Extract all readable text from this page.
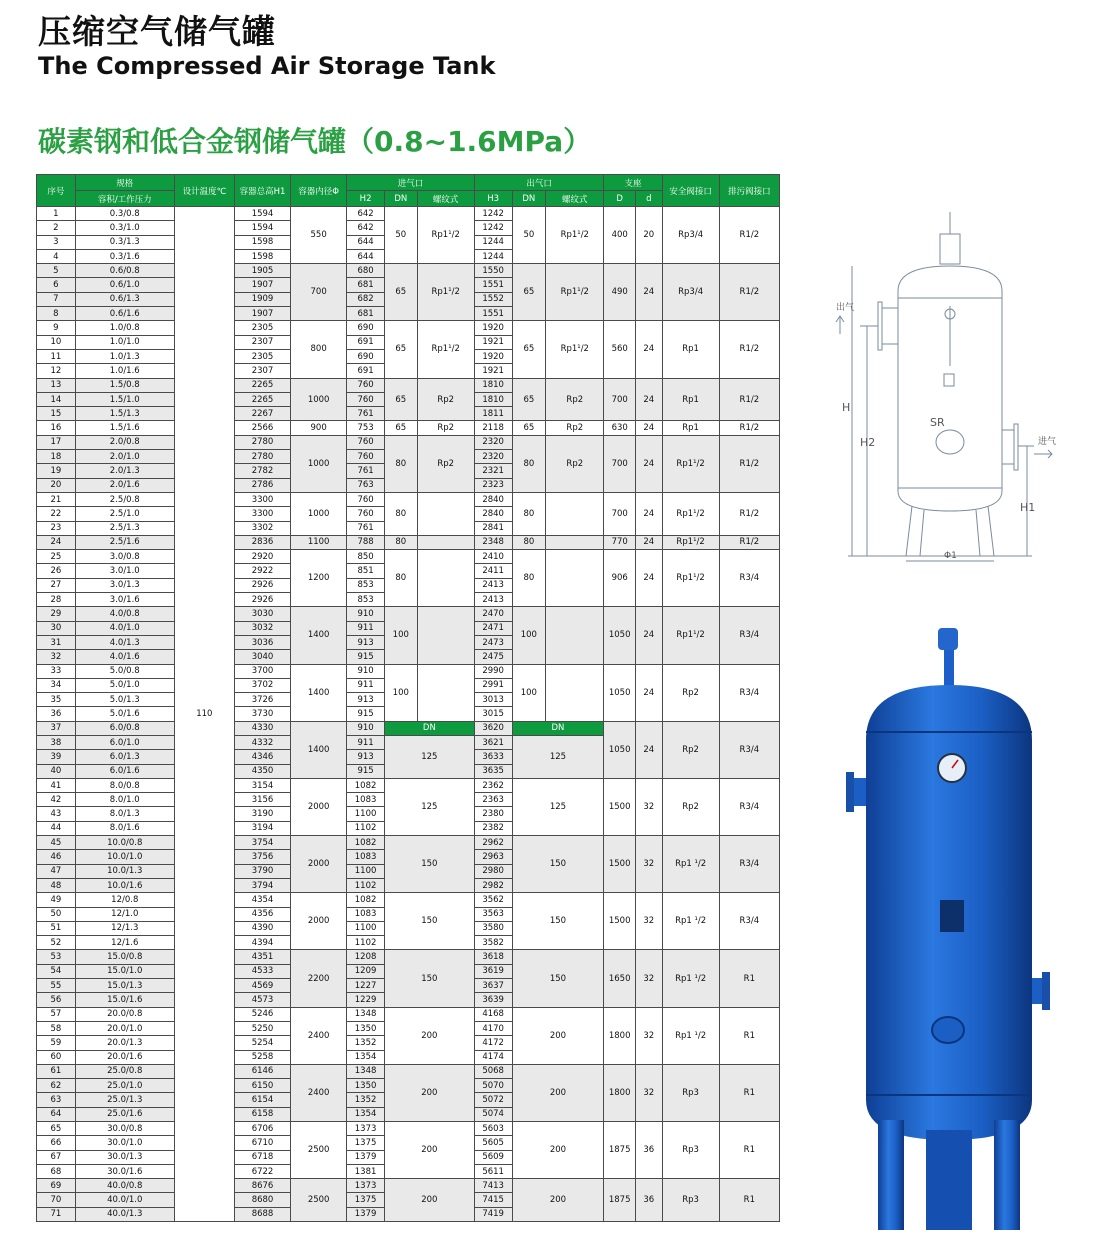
压缩空气储气罐
The Compressed Air Storage Tank
碳素钢和低合金钢储气罐（0.8~1.6MPa）
序号	规格	设计温度℃	容器总高H1	容器内径Φ	进气口			出气口			支座		安全阀接口	排污阀接口
	容积/工作压力				H2	DN	螺纹式	H3	DN	螺纹式	D	d		
1	0.3/0.8	110	1594	550	642	50	Rp1¹/2	1242	50	Rp1¹/2	400	20	Rp3/4	R1/2
2	0.3/1.0		1594		642			1242						
3	0.3/1.3		1598		644			1244						
4	0.3/1.6		1598		644			1244						
5	0.6/0.8		1905	700	680	65	Rp1¹/2	1550	65	Rp1¹/2	490	24	Rp3/4	R1/2
6	0.6/1.0		1907		681			1551						
7	0.6/1.3		1909		682			1552						
8	0.6/1.6		1907		681			1551						
9	1.0/0.8		2305	800	690	65	Rp1¹/2	1920	65	Rp1¹/2	560	24	Rp1	R1/2
10	1.0/1.0		2307		691			1921						
11	1.0/1.3		2305		690			1920						
12	1.0/1.6		2307		691			1921						
13	1.5/0.8		2265	1000	760	65	Rp2	1810	65	Rp2	700	24	Rp1	R1/2
14	1.5/1.0		2265		760			1810						
15	1.5/1.3		2267		761			1811						
16	1.5/1.6		2566	900	753	65	Rp2	2118	65	Rp2	630	24	Rp1	R1/2
17	2.0/0.8		2780	1000	760	80	Rp2	2320	80	Rp2	700	24	Rp1¹/2	R1/2
18	2.0/1.0		2780		760			2320						
19	2.0/1.3		2782		761			2321						
20	2.0/1.6		2786		763			2323						
21	2.5/0.8		3300	1000	760	80		2840	80		700	24	Rp1¹/2	R1/2
22	2.5/1.0		3300		760			2840						
23	2.5/1.3		3302		761			2841						
24	2.5/1.6		2836	1100	788	80		2348	80		770	24	Rp1¹/2	R1/2
25	3.0/0.8		2920	1200	850	80		2410	80		906	24	Rp1¹/2	R3/4
26	3.0/1.0		2922		851			2411						
27	3.0/1.3		2926		853			2413						
28	3.0/1.6		2926		853			2413						
29	4.0/0.8		3030	1400	910	100		2470	100		1050	24	Rp1¹/2	R3/4
30	4.0/1.0		3032		911			2471						
31	4.0/1.3		3036		913			2473						
32	4.0/1.6		3040		915			2475						
33	5.0/0.8		3700	1400	910	100		2990	100		1050	24	Rp2	R3/4
34	5.0/1.0		3702		911			2991						
35	5.0/1.3		3726		913			3013						
36	5.0/1.6		3730		915			3015						
37	6.0/0.8		4330	1400	910	DN		3620	DN		1050	24	Rp2	R3/4
38	6.0/1.0		4332		911	125		3621	125					
39	6.0/1.3		4346		913			3633						
40	6.0/1.6		4350		915			3635						
41	8.0/0.8		3154	2000	1082	125		2362	125		1500	32	Rp2	R3/4
42	8.0/1.0		3156		1083			2363						
43	8.0/1.3		3190		1100			2380						
44	8.0/1.6		3194		1102			2382						
45	10.0/0.8		3754	2000	1082	150		2962	150		1500	32	Rp1 ¹/2	R3/4
46	10.0/1.0		3756		1083			2963						
47	10.0/1.3		3790		1100			2980						
48	10.0/1.6		3794		1102			2982						
49	12/0.8		4354	2000	1082	150		3562	150		1500	32	Rp1 ¹/2	R3/4
50	12/1.0		4356		1083			3563						
51	12/1.3		4390		1100			3580						
52	12/1.6		4394		1102			3582						
53	15.0/0.8		4351	2200	1208	150		3618	150		1650	32	Rp1 ¹/2	R1
54	15.0/1.0		4533		1209			3619						
55	15.0/1.3		4569		1227			3637						
56	15.0/1.6		4573		1229			3639						
57	20.0/0.8		5246	2400	1348	200		4168	200		1800	32	Rp1 ¹/2	R1
58	20.0/1.0		5250		1350			4170						
59	20.0/1.3		5254		1352			4172						
60	20.0/1.6		5258		1354			4174						
61	25.0/0.8		6146	2400	1348	200		5068	200		1800	32	Rp3	R1
62	25.0/1.0		6150		1350			5070						
63	25.0/1.3		6154		1352			5072						
64	25.0/1.6		6158		1354			5074						
65	30.0/0.8		6706	2500	1373	200		5603	200		1875	36	Rp3	R1
66	30.0/1.0		6710		1375			5605						
67	30.0/1.3		6718		1379			5609						
68	30.0/1.6		6722		1381			5611						
69	40.0/0.8		8676	2500	1373	200		7413	200		1875	36	Rp3	R1
70	40.0/1.0		8680		1375			7415						
71	40.0/1.3		8688		1379			7419						
出气
进气
H
H2
H1
SR
Φ1
